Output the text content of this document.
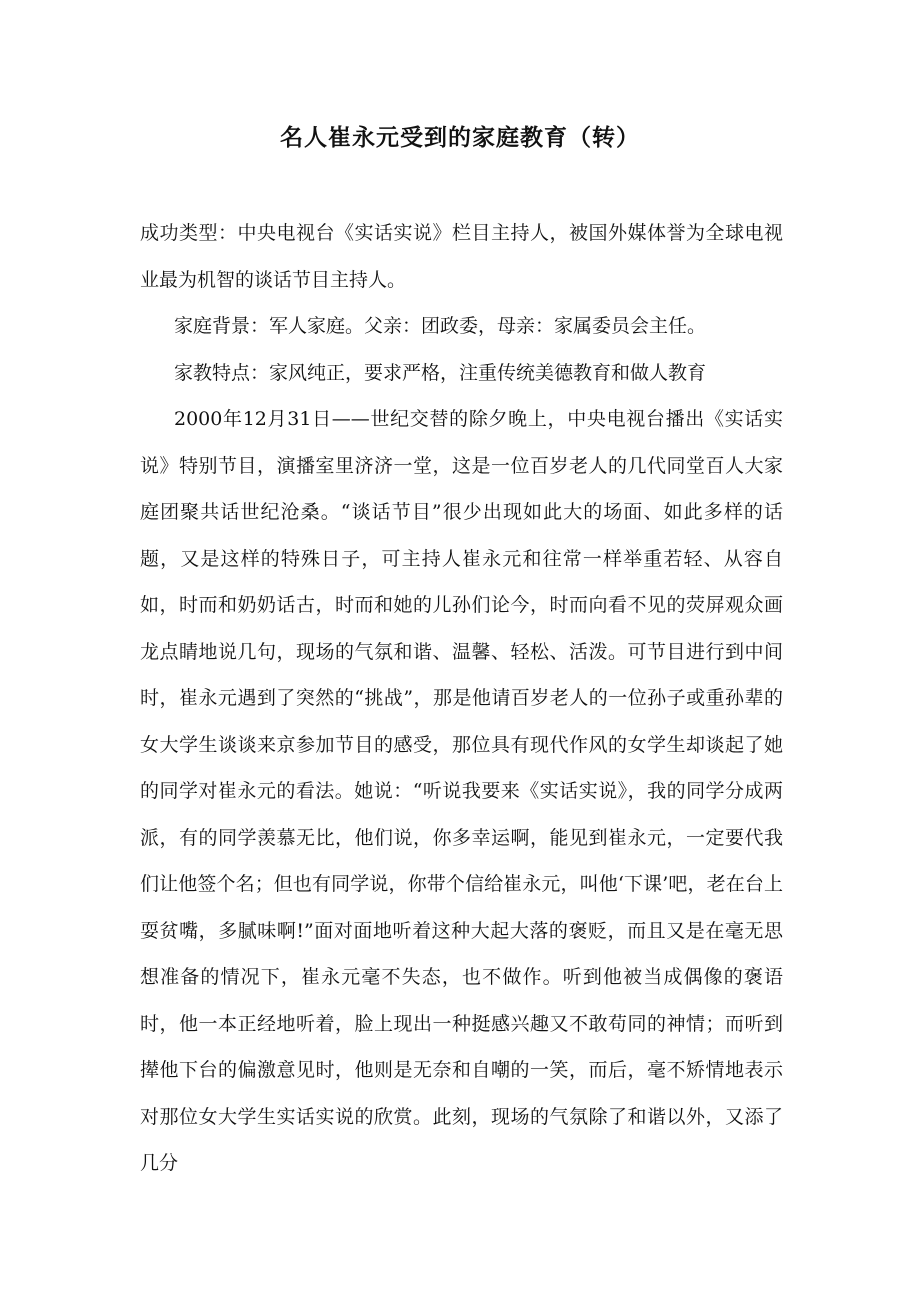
名人崔永元受到的家庭教育（转）

成功类型：中央电视台《实话实说》栏目主持人，被国外媒体誉为全球电视业最为机智的谈话节目主持人。

家庭背景：军人家庭。父亲：团政委，母亲：家属委员会主任。

家教特点：家风纯正，要求严格，注重传统美德教育和做人教育

2000年12月31日——世纪交替的除夕晚上，中央电视台播出《实话实说》特别节目，演播室里济济一堂，这是一位百岁老人的几代同堂百人大家庭团聚共话世纪沧桑。“谈话节目”很少出现如此大的场面、如此多样的话题，又是这样的特殊日子，可主持人崔永元和往常一样举重若轻、从容自如，时而和奶奶话古，时而和她的儿孙们论今，时而向看不见的荧屏观众画龙点睛地说几句，现场的气氛和谐、温馨、轻松、活泼。可节目进行到中间时，崔永元遇到了突然的“挑战”，那是他请百岁老人的一位孙子或重孙辈的女大学生谈谈来京参加节目的感受，那位具有现代作风的女学生却谈起了她的同学对崔永元的看法。她说：“听说我要来《实话实说》，我的同学分成两派，有的同学羡慕无比，他们说，你多幸运啊，能见到崔永元，一定要代我们让他签个名；但也有同学说，你带个信给崔永元，叫他‘下课’吧，老在台上耍贫嘴，多腻味啊!”面对面地听着这种大起大落的褒贬，而且又是在毫无思想准备的情况下，崔永元毫不失态，也不做作。听到他被当成偶像的褒语时，他一本正经地听着，脸上现出一种挺感兴趣又不敢苟同的神情；而听到撵他下台的偏激意见时，他则是无奈和自嘲的一笑，而后，毫不矫情地表示对那位女大学生实话实说的欣赏。此刻，现场的气氛除了和谐以外，又添了几分
